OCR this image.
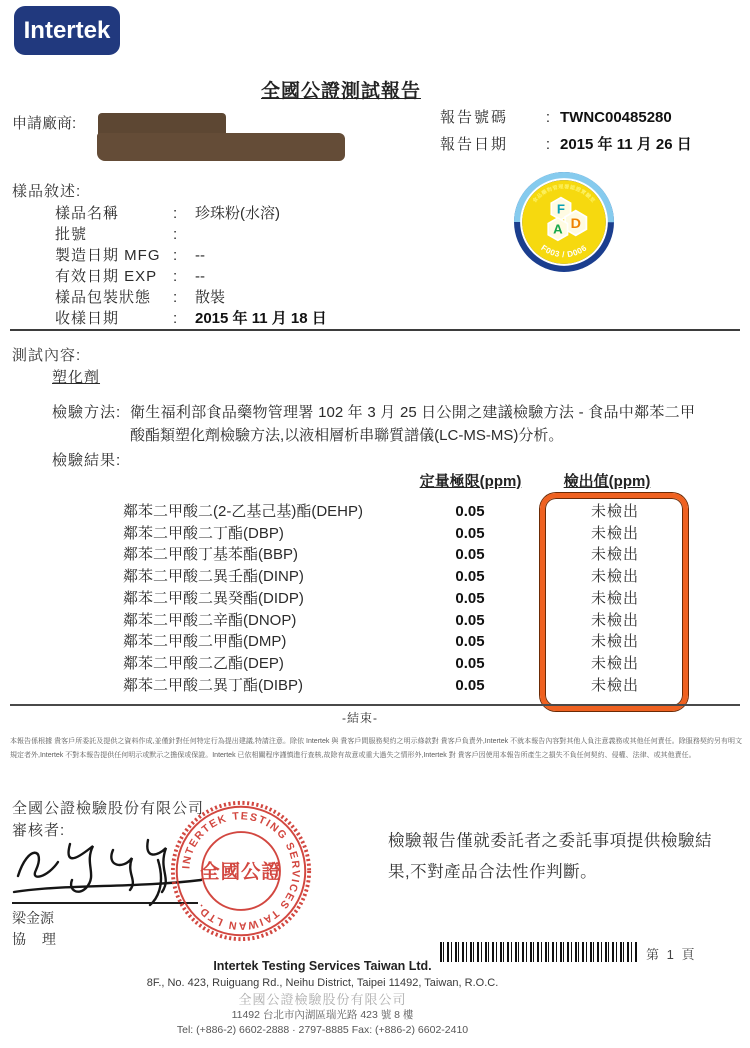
Intertek
全國公證測試報告
申請廠商:	報告號碼	: TWNC00485280
報告日期	: 2015 年 11 月 26 日
食品藥物管理署認證實驗室
F
D
A
F003 / D006
樣品敘述:
樣品名稱	:	珍珠粉(水溶)
批號	:
製造日期 MFG :	--
有效日期 EXP	:	--
樣品包裝狀態	:	散裝
收樣日期	:	2015 年 11 月 18 日
測試內容:
塑化劑
檢驗方法: 衛生福利部食品藥物管理署 102 年 3 月 25 日公開之建議檢驗方法 - 食品中鄰苯二甲酸酯類塑化劑檢驗方法,以液相層析串聯質譜儀(LC-MS-MS)分析。

檢驗結果:
定量極限(ppm)	檢出值(ppm)
鄰苯二甲酸二(2-乙基己基)酯(DEHP)	0.05	未檢出
鄰苯二甲酸二丁酯(DBP)	0.05	未檢出
鄰苯二甲酸丁基苯酯(BBP)	0.05	未檢出
鄰苯二甲酸二異壬酯(DINP)	0.05	未檢出
鄰苯二甲酸二異癸酯(DIDP)	0.05	未檢出
鄰苯二甲酸二辛酯(DNOP)	0.05	未檢出
鄰苯二甲酸二甲酯(DMP)	0.05	未檢出
鄰苯二甲酸二乙酯(DEP)	0.05	未檢出
鄰苯二甲酸二異丁酯(DIBP)	0.05	未檢出
-結束-
本報告係根據 貴客戶所委託及提供之資料作成,並僅針對任何特定行為提出建議,特請注意。除依 Intertek 與 貴客戶間服務契約之明示條款對 貴客戶負責外,Intertek 不就本報告內容對其他人負注意義務或其他任何責任。除服務契約另有明文規定者外,Intertek 不對本報告提供任何明示或默示之擔保或保證。Intertek 已依相關程序謹慎進行查核,故除有故意或重大過失之情形外,Intertek 對 貴客戶因使用本報告所產生之損失不負任何契約、侵權、法律、或其他責任。
全國公證檢驗股份有限公司
審核者:
梁金源
協 理
INTERTEK TESTING SERVICES TAIWAN LTD.
全國公證
檢驗報告僅就委託者之委託事項提供檢驗結果,不對產品合法性作判斷。
第 1 頁
Intertek Testing Services Taiwan Ltd.
8F., No. 423, Ruiguang Rd., Neihu District, Taipei 11492, Taiwan, R.O.C.
全國公證檢驗股份有限公司
11492 台北市內湖區瑞光路 423 號 8 樓
Tel: (+886-2) 6602-2888 · 2797-8885 Fax: (+886-2) 6602-2410
